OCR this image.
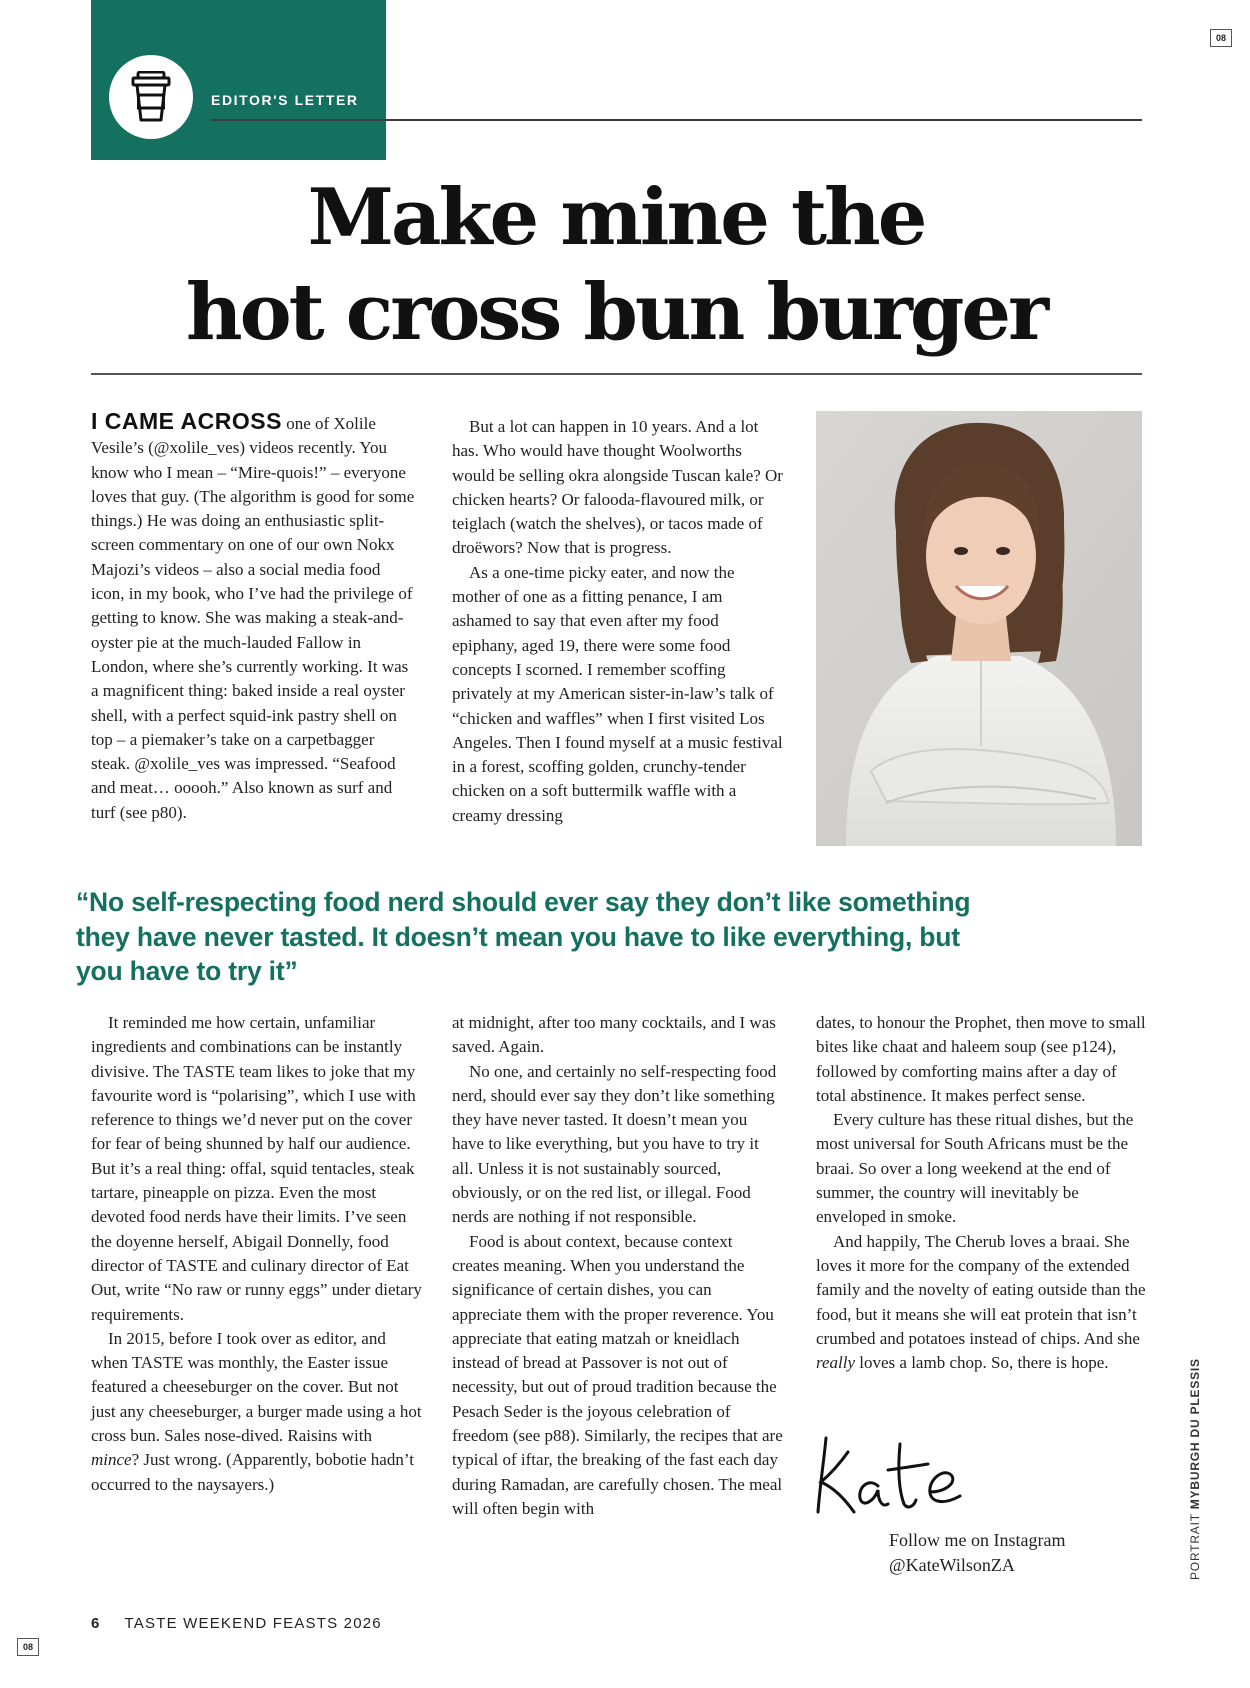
EDITOR'S LETTER
08
08
Make mine the
hot cross bun burger

I CAME ACROSS one of Xolile Vesile’s (@xolile_ves) videos recently. You know who I mean – “Mire-quois!” – everyone loves that guy. (The algorithm is good for some things.) He was doing an enthusiastic split-screen commentary on one of our own Nokx Majozi’s videos – also a social media food icon, in my book, who I’ve had the privilege of getting to know. She was making a steak-and-oyster pie at the much-lauded Fallow in London, where she’s currently working. It was a magnificent thing: baked inside a real oyster shell, with a perfect squid-ink pastry shell on top – a piemaker’s take on a carpetbagger steak. @xolile_ves was impressed. “Seafood and meat… ooooh.” Also known as surf and turf (see p80).

But a lot can happen in 10 years. And a lot has. Who would have thought Woolworths would be selling okra alongside Tuscan kale? Or chicken hearts? Or falooda-flavoured milk, or teiglach (watch the shelves), or tacos made of droëwors? Now that is progress.

As a one-time picky eater, and now the mother of one as a fitting penance, I am ashamed to say that even after my food epiphany, aged 19, there were some food concepts I scorned. I remember scoffing privately at my American sister-in-law’s talk of “chicken and waffles” when I first visited Los Angeles. Then I found myself at a music festival in a forest, scoffing golden, crunchy-tender chicken on a soft buttermilk waffle with a creamy dressing

“No self-respecting food nerd should ever say they don’t like something they have never tasted. It doesn’t mean you have to like everything, but you have to try it”

It reminded me how certain, unfamiliar ingredients and combinations can be instantly divisive. The TASTE team likes to joke that my favourite word is “polarising”, which I use with reference to things we’d never put on the cover for fear of being shunned by half our audience. But it’s a real thing: offal, squid tentacles, steak tartare, pineapple on pizza. Even the most devoted food nerds have their limits. I’ve seen the doyenne herself, Abigail Donnelly, food director of TASTE and culinary director of Eat Out, write “No raw or runny eggs” under dietary requirements.

In 2015, before I took over as editor, and when TASTE was monthly, the Easter issue featured a cheeseburger on the cover. But not just any cheeseburger, a burger made using a hot cross bun. Sales nose-dived. Raisins with mince? Just wrong. (Apparently, bobotie hadn’t occurred to the naysayers.)

at midnight, after too many cocktails, and I was saved. Again.

No one, and certainly no self-respecting food nerd, should ever say they don’t like something they have never tasted. It doesn’t mean you have to like everything, but you have to try it all. Unless it is not sustainably sourced, obviously, or on the red list, or illegal. Food nerds are nothing if not responsible.

Food is about context, because context creates meaning. When you understand the significance of certain dishes, you can appreciate them with the proper reverence. You appreciate that eating matzah or kneidlach instead of bread at Passover is not out of necessity, but out of proud tradition because the Pesach Seder is the joyous celebration of freedom (see p88). Similarly, the recipes that are typical of iftar, the breaking of the fast each day during Ramadan, are carefully chosen. The meal will often begin with

dates, to honour the Prophet, then move to small bites like chaat and haleem soup (see p124), followed by comforting mains after a day of total abstinence. It makes perfect sense.

Every culture has these ritual dishes, but the most universal for South Africans must be the braai. So over a long weekend at the end of summer, the country will inevitably be enveloped in smoke.

And happily, The Cherub loves a braai. She loves it more for the company of the extended family and the novelty of eating outside than the food, but it means she will eat protein that isn’t crumbed and potatoes instead of chips. And she really loves a lamb chop. So, there is hope.

Follow me on Instagram
@KateWilsonZA	PORTRAIT MYBURGH DU PLESSIS
6 TASTE WEEKEND FEASTS 2026
